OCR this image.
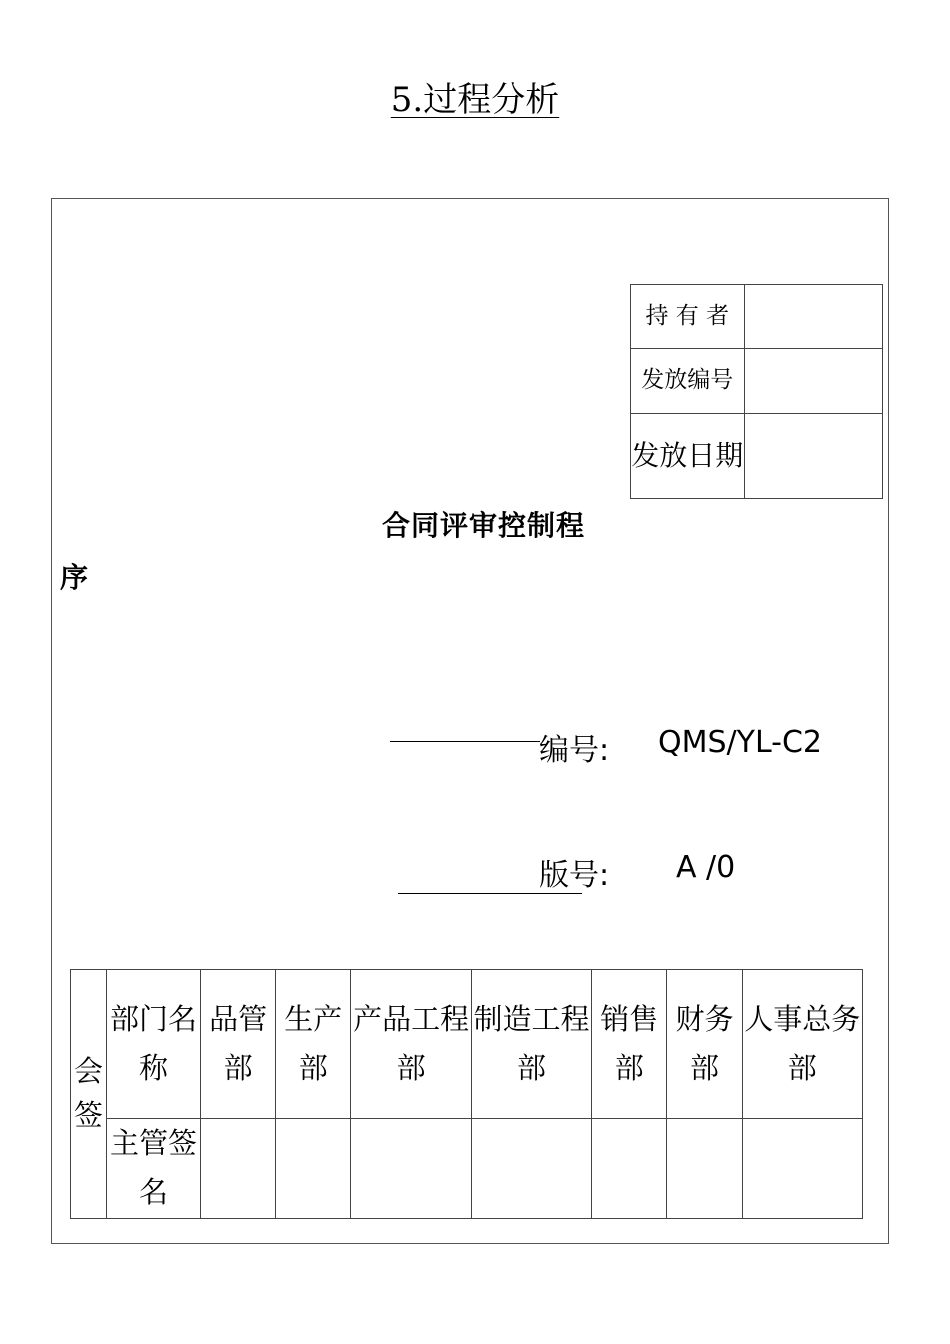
5.过程分析
持 有 者	
发放编号	
发放日期	
合同评审控制程
序
编号: QMS/YL-C2
版号: A /0
会签	部门名称	品管部	生产部	产品工程部	制造工程部	销售部	财务部	人事总务部
	主管签名							
